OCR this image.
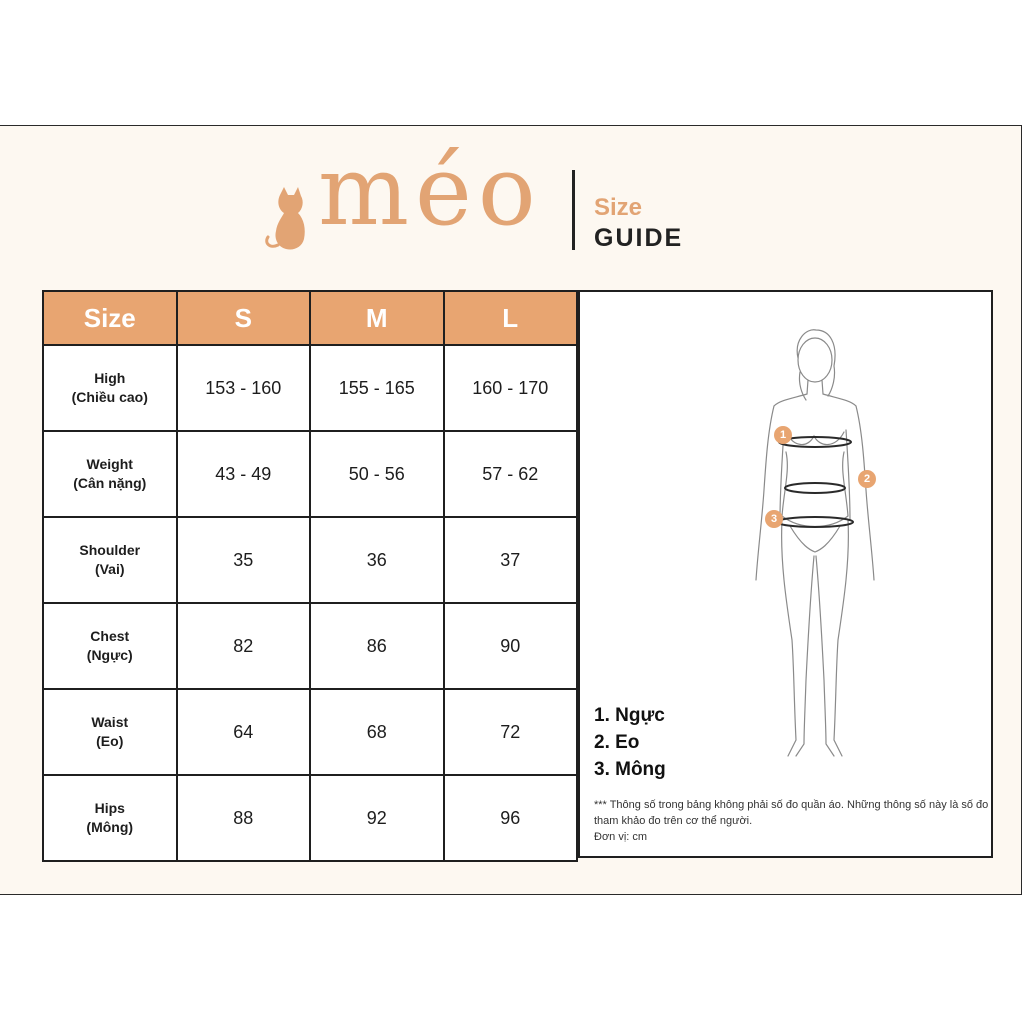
méo Size
GUIDE
Size	S	M	L
High
(Chiều cao)	153 - 160	155 - 165	160 - 170
Weight
(Cân nặng)	43 - 49	50 - 56	57 - 62
Shoulder
(Vai)	35	36	37
Chest
(Ngực)	82	86	90
Waist
(Eo)	64	68	72
Hips
(Mông)	88	92	96
1
2
3
1. Ngực
2. Eo
3. Mông
*** Thông số trong bảng không phải số đo quần áo. Những thông số này là số đo tham khảo đo trên cơ thể người.
Đơn vị: cm
